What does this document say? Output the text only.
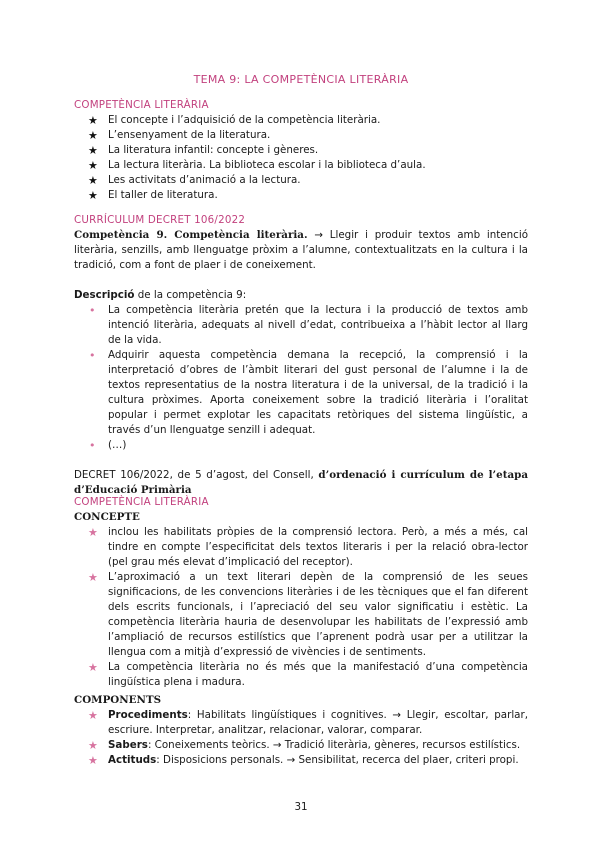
TEMA 9: LA COMPETÈNCIA LITERÀRIA
COMPETÈNCIA LITERÀRIA
★ El concepte i l’adquisició de la competència literària.
★ L’ensenyament de la literatura.
★ La literatura infantil: concepte i gèneres.
★ La lectura literària. La biblioteca escolar i la biblioteca d’aula.
★ Les activitats d’animació a la lectura.
★ El taller de literatura.
CURRÍCULUM DECRET 106/2022

Competència 9. Competència literària. → Llegir i produir textos amb intenció literària, senzills, amb llenguatge pròxim a l’alumne, contextualitzats en la cultura i la tradició, com a font de plaer i de coneixement.

Descripció de la competència 9:

• La competència literària pretén que la lectura i la producció de textos amb intenció literària, adequats al nivell d’edat, contribueixa a l’hàbit lector al llarg de la vida.
• Adquirir aquesta competència demana la recepció, la comprensió i la interpretació d’obres de l’àmbit literari del gust personal de l’alumne i la de textos representatius de la nostra literatura i de la universal, de la tradició i la cultura pròximes. Aporta coneixement sobre la tradició literària i l’oralitat popular i permet explotar les capacitats retòriques del sistema lingüístic, a través d’un llenguatge senzill i adequat.
• (…)

DECRET 106/2022, de 5 d’agost, del Consell, d’ordenació i currículum de l’etapa d’Educació Primària

COMPETÈNCIA LITERÀRIA
CONCEPTE
★ inclou les habilitats pròpies de la comprensió lectora. Però, a més a més, cal tindre en compte l’especificitat dels textos literaris i per la relació obra-lector (pel grau més elevat d’implicació del receptor).
★ L’aproximació a un text literari depèn de la comprensió de les seues significacions, de les convencions literàries i de les tècniques que el fan diferent dels escrits funcionals, i l’apreciació del seu valor significatiu i estètic. La competència literària hauria de desenvolupar les habilitats de l’expressió amb l’ampliació de recursos estilístics que l’aprenent podrà usar per a utilitzar la llengua com a mitjà d’expressió de vivències i de sentiments.
★ La competència literària no és més que la manifestació d’una competència lingüística plena i madura.
COMPONENTS
★ Procediments: Habilitats lingüístiques i cognitives. → Llegir, escoltar, parlar, escriure. Interpretar, analitzar, relacionar, valorar, comparar.
★ Sabers: Coneixements teòrics. → Tradició literària, gèneres, recursos estilístics.
★ Actituds: Disposicions personals. → Sensibilitat, recerca del plaer, criteri propi.
31
